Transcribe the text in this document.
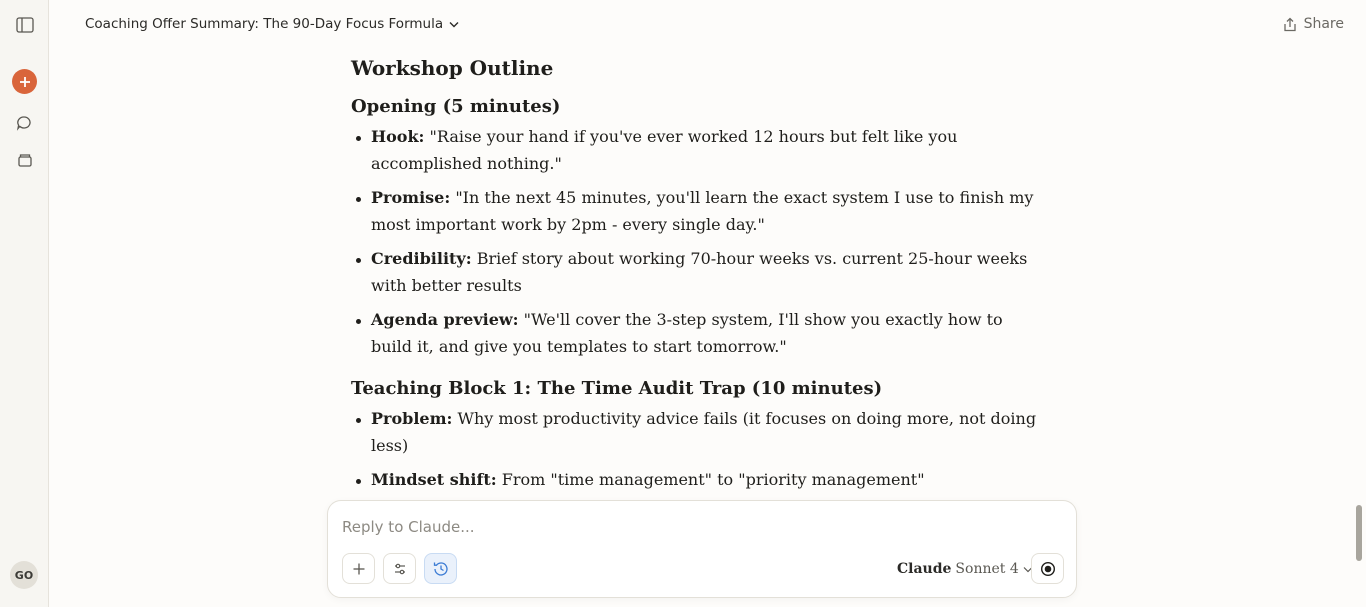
GO
Coaching Offer Summary: The 90-Day Focus Formula	Share
Workshop Outline
Opening (5 minutes)
Hook: "Raise your hand if you've ever worked 12 hours but felt like you accomplished nothing."
Promise: "In the next 45 minutes, you'll learn the exact system I use to finish my most important work by 2pm - every single day."
Credibility: Brief story about working 70-hour weeks vs. current 25-hour weeks with better results
Agenda preview: "We'll cover the 3-step system, I'll show you exactly how to build it, and give you templates to start tomorrow."
Teaching Block 1: The Time Audit Trap (10 minutes)
Problem: Why most productivity advice fails (it focuses on doing more, not doing less)
Mindset shift: From "time management" to "priority management"
Reply to Claude...
Claude Sonnet 4
